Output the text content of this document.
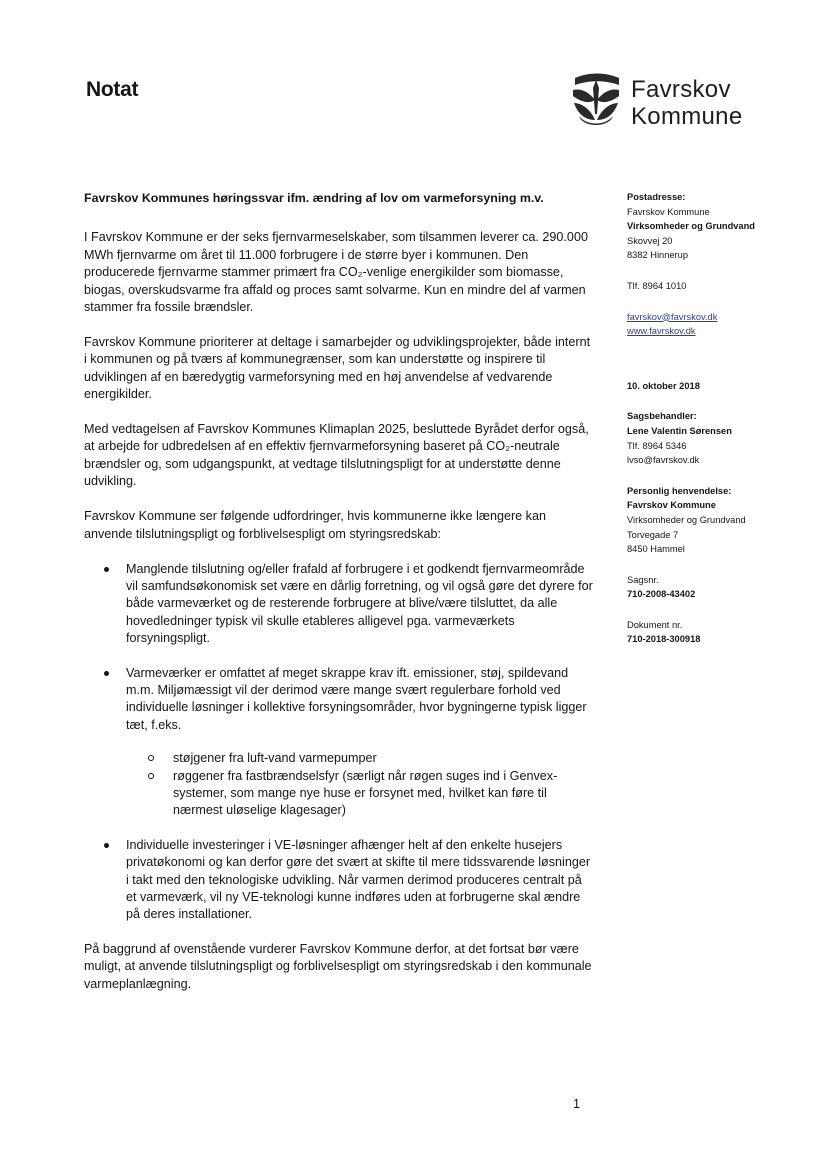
Notat	Favrskov
Kommune

Favrskov Kommunes høringssvar ifm. ændring af lov om varmeforsyning m.v.

I Favrskov Kommune er der seks fjernvarmeselskaber, som tilsammen leverer ca. 290.000 MWh fjernvarme om året til 11.000 forbrugere i de større byer i kommunen. Den producerede fjernvarme stammer primært fra CO₂-venlige energikilder som biomasse, biogas, overskudsvarme fra affald og proces samt solvarme. Kun en mindre del af varmen stammer fra fossile brændsler.

Favrskov Kommune prioriterer at deltage i samarbejder og udviklingsprojekter, både internt i kommunen og på tværs af kommunegrænser, som kan understøtte og inspirere til udviklingen af en bæredygtig varmeforsyning med en høj anvendelse af vedvarende energikilder.

Med vedtagelsen af Favrskov Kommunes Klimaplan 2025, besluttede Byrådet derfor også, at arbejde for udbredelsen af en effektiv fjernvarmeforsyning baseret på CO₂-neutrale brændsler og, som udgangspunkt, at vedtage tilslutningspligt for at understøtte denne udvikling.

Favrskov Kommune ser følgende udfordringer, hvis kommunerne ikke længere kan anvende tilslutningspligt og forblivelsespligt om styringsredskab:

Manglende tilslutning og/eller frafald af forbrugere i et godkendt fjernvarmeområde vil samfundsøkonomisk set være en dårlig forretning, og vil også gøre det dyrere for både varmeværket og de resterende forbrugere at blive/være tilsluttet, da alle hovedledninger typisk vil skulle etableres alligevel pga. varmeværkets forsyningspligt.
Varmeværker er omfattet af meget skrappe krav ift. emissioner, støj, spildevand m.m. Miljømæssigt vil der derimod være mange svært regulerbare forhold ved individuelle løsninger i kollektive forsyningsområder, hvor bygningerne typisk ligger tæt, f.eks.
støjgener fra luft-vand varmepumper
røggener fra fastbrændselsfyr (særligt når røgen suges ind i Genvex-systemer, som mange nye huse er forsynet med, hvilket kan føre til nærmest uløselige klagesager)
Individuelle investeringer i VE-løsninger afhænger helt af den enkelte husejers privatøkonomi og kan derfor gøre det svært at skifte til mere tidssvarende løsninger i takt med den teknologiske udvikling. Når varmen derimod produceres centralt på et varmeværk, vil ny VE-teknologi kunne indføres uden at forbrugerne skal ændre på deres installationer.

På baggrund af ovenstående vurderer Favrskov Kommune derfor, at det fortsat bør være muligt, at anvende tilslutningspligt og forblivelsespligt om styringsredskab i den kommunale varmeplanlægning.

Postadresse:
Favrskov Kommune
Virksomheder og Grundvand
Skovvej 20
8382 Hinnerup
Tlf. 8964 1010
favrskov@favrskov.dk
www.favrskov.dk
10. oktober 2018
Sagsbehandler:
Lene Valentin Sørensen
Tlf. 8964 5346
lvso@favrskov.dk
Personlig henvendelse:
Favrskov Kommune
Virksomheder og Grundvand
Torvegade 7
8450 Hammel
Sagsnr.
710-2008-43402
Dokument nr.
710-2018-300918
1
